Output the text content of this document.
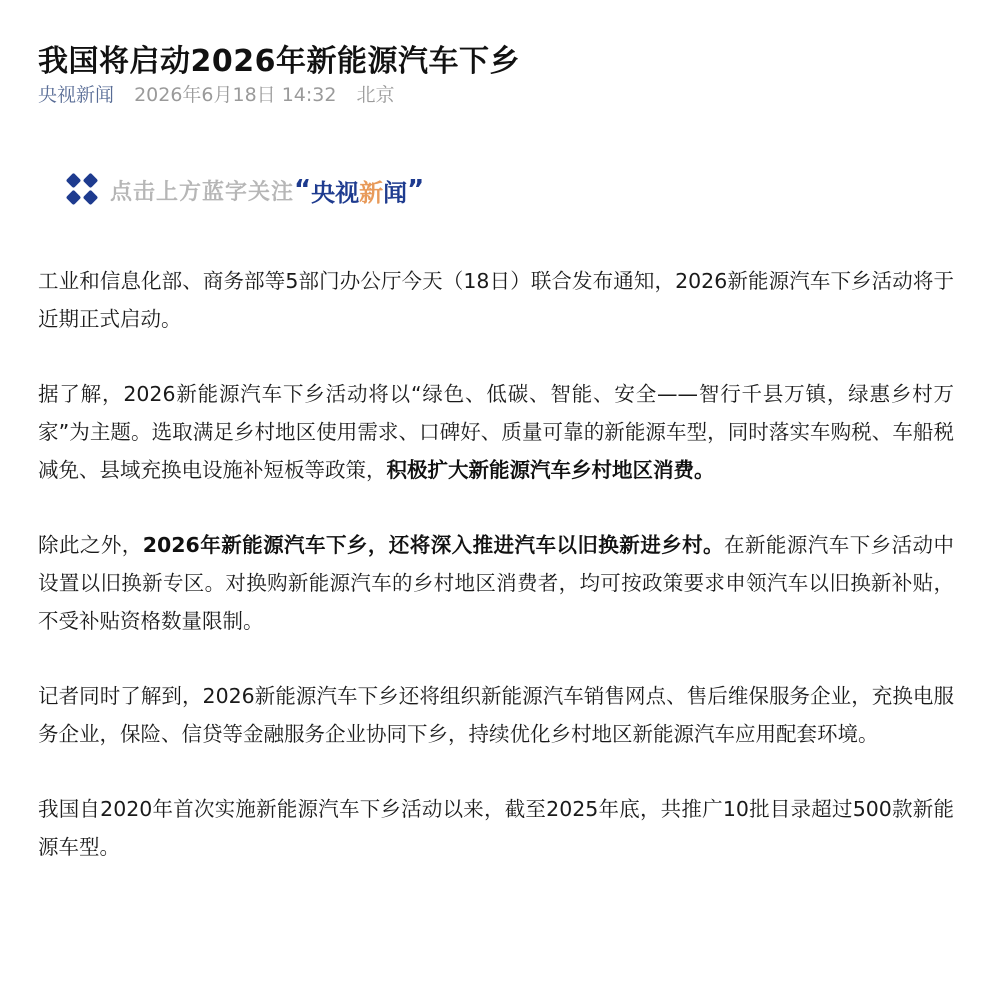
我国将启动2026年新能源汽车下乡
央视新闻 2026年6月18日 14:32 北京
点击上方蓝字关注 “ 央视 新 闻 ”

工业和信息化部、商务部等5部门办公厅今天（18日）联合发布通知，2026新能源汽车下乡活动将于近期正式启动。

据了解，2026新能源汽车下乡活动将以“绿色、低碳、智能、安全——智行千县万镇，绿惠乡村万家”为主题。选取满足乡村地区使用需求、口碑好、质量可靠的新能源车型，同时落实车购税、车船税减免、县域充换电设施补短板等政策，积极扩大新能源汽车乡村地区消费。

除此之外，2026年新能源汽车下乡，还将深入推进汽车以旧换新进乡村。在新能源汽车下乡活动中设置以旧换新专区。对换购新能源汽车的乡村地区消费者，均可按政策要求申领汽车以旧换新补贴，不受补贴资格数量限制。

记者同时了解到，2026新能源汽车下乡还将组织新能源汽车销售网点、售后维保服务企业，充换电服务企业，保险、信贷等金融服务企业协同下乡，持续优化乡村地区新能源汽车应用配套环境。

我国自2020年首次实施新能源汽车下乡活动以来，截至2025年底，共推广10批目录超过500款新能源车型。
